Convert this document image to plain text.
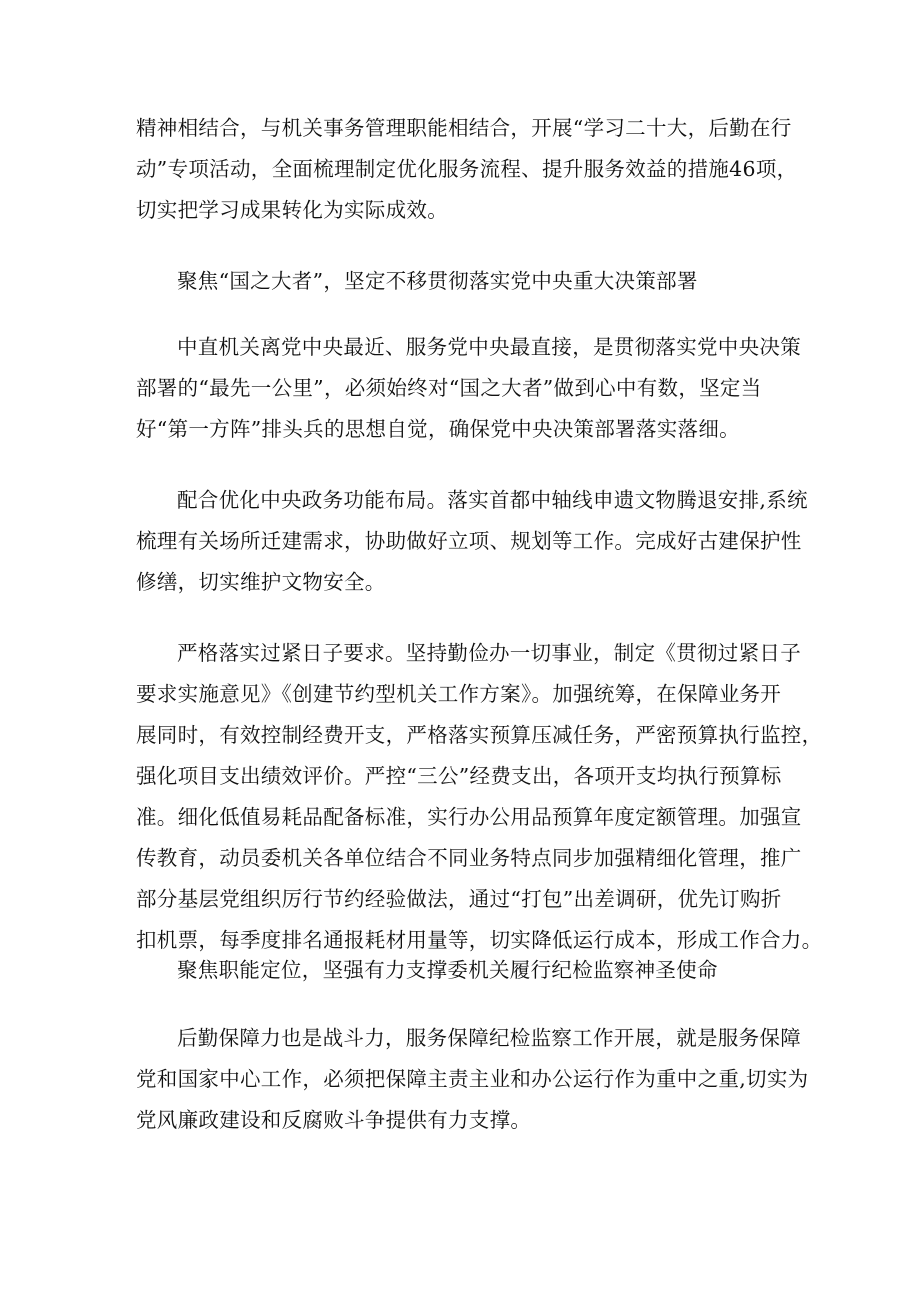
精神相结合，与机关事务管理职能相结合，开展“学习二十大，后勤在行
动”专项活动，全面梳理制定优化服务流程、提升服务效益的措施46项，
切实把学习成果转化为实际成效。
聚焦“国之大者”，坚定不移贯彻落实党中央重大决策部署
中直机关离党中央最近、服务党中央最直接，是贯彻落实党中央决策
部署的“最先一公里”，必须始终对“国之大者”做到心中有数，坚定当
好“第一方阵”排头兵的思想自觉，确保党中央决策部署落实落细。
配合优化中央政务功能布局。落实首都中轴线申遗文物腾退安排,系统
梳理有关场所迁建需求，协助做好立项、规划等工作。完成好古建保护性
修缮，切实维护文物安全。
严格落实过紧日子要求。坚持勤俭办一切事业，制定《贯彻过紧日子
要求实施意见》《创建节约型机关工作方案》。加强统筹，在保障业务开
展同时，有效控制经费开支，严格落实预算压减任务，严密预算执行监控，
强化项目支出绩效评价。严控“三公”经费支出，各项开支均执行预算标
准。细化低值易耗品配备标准，实行办公用品预算年度定额管理。加强宣
传教育，动员委机关各单位结合不同业务特点同步加强精细化管理，推广
部分基层党组织厉行节约经验做法，通过“打包”出差调研，优先订购折
扣机票，每季度排名通报耗材用量等，切实降低运行成本，形成工作合力。
聚焦职能定位，坚强有力支撑委机关履行纪检监察神圣使命
后勤保障力也是战斗力，服务保障纪检监察工作开展，就是服务保障
党和国家中心工作，必须把保障主责主业和办公运行作为重中之重,切实为
党风廉政建设和反腐败斗争提供有力支撑。
